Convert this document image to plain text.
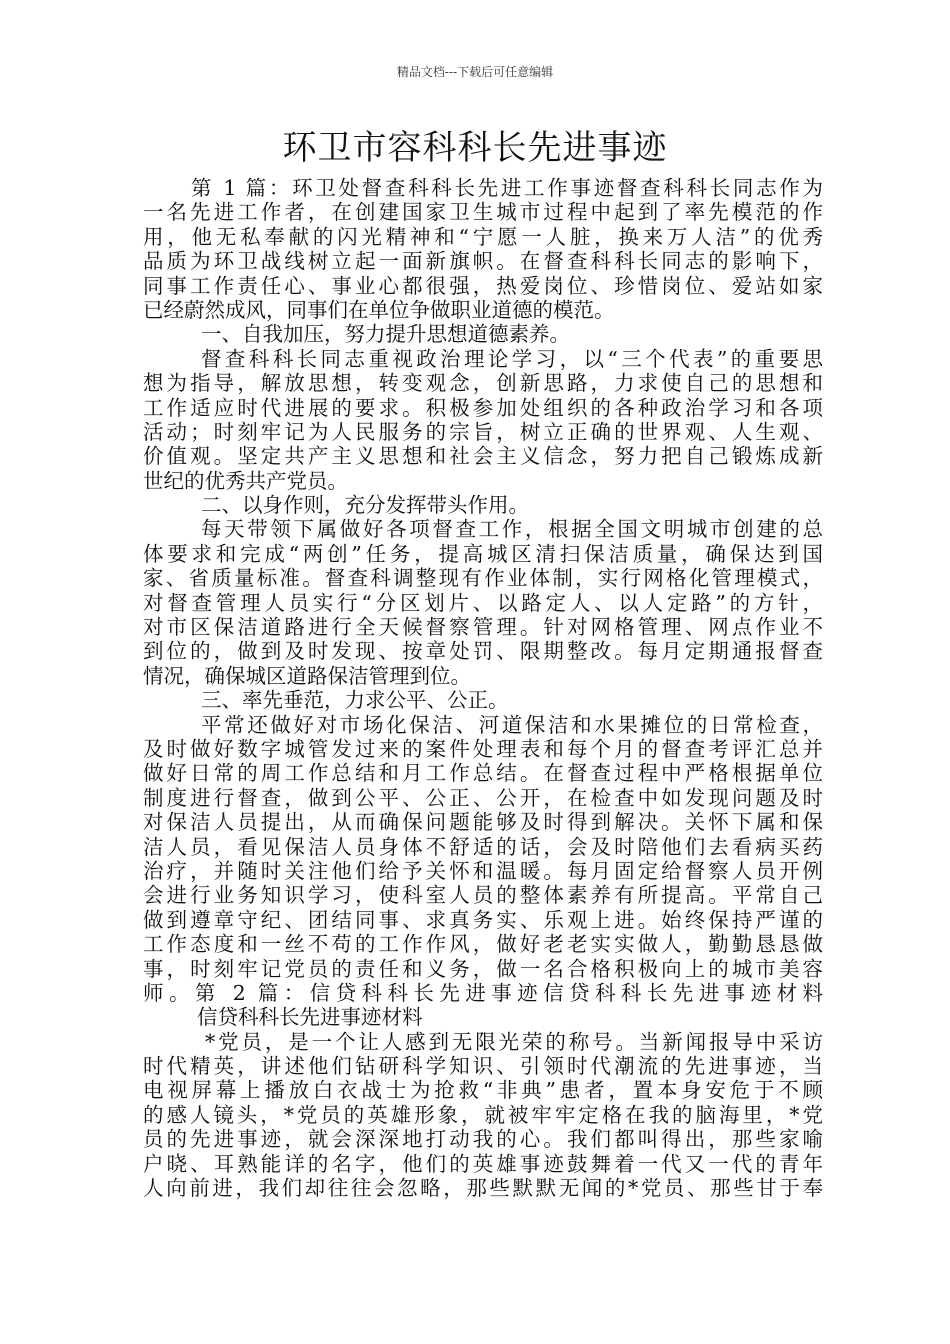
精品文档---下载后可任意编辑
环卫市容科科长先进事迹
第 1 篇：环卫处督查科科长先进工作事迹督查科科长同志作为
一名先进工作者，在创建国家卫生城市过程中起到了率先模范的作
用，他无私奉献的闪光精神和“宁愿一人脏，换来万人洁”的优秀
品质为环卫战线树立起一面新旗帜。在督查科科长同志的影响下，
同事工作责任心、事业心都很强，热爱岗位、珍惜岗位、爱站如家
已经蔚然成风，同事们在单位争做职业道德的模范。
一、自我加压，努力提升思想道德素养。
督查科科长同志重视政治理论学习，以“三个代表”的重要思
想为指导，解放思想，转变观念，创新思路，力求使自己的思想和
工作适应时代进展的要求。积极参加处组织的各种政治学习和各项
活动；时刻牢记为人民服务的宗旨，树立正确的世界观、人生观、
价值观。坚定共产主义思想和社会主义信念，努力把自己锻炼成新
世纪的优秀共产党员。
二、以身作则，充分发挥带头作用。
每天带领下属做好各项督查工作，根据全国文明城市创建的总
体要求和完成“两创”任务，提高城区清扫保洁质量，确保达到国
家、省质量标准。督查科调整现有作业体制，实行网格化管理模式，
对督查管理人员实行“分区划片、以路定人、以人定路”的方针，
对市区保洁道路进行全天候督察管理。针对网格管理、网点作业不
到位的，做到及时发现、按章处罚、限期整改。每月定期通报督查
情况，确保城区道路保洁管理到位。
三、率先垂范，力求公平、公正。
平常还做好对市场化保洁、河道保洁和水果摊位的日常检查，
及时做好数字城管发过来的案件处理表和每个月的督查考评汇总并
做好日常的周工作总结和月工作总结。在督查过程中严格根据单位
制度进行督查，做到公平、公正、公开，在检查中如发现问题及时
对保洁人员提出，从而确保问题能够及时得到解决。关怀下属和保
洁人员，看见保洁人员身体不舒适的话，会及时陪他们去看病买药
治疗，并随时关注他们给予关怀和温暖。每月固定给督察人员开例
会进行业务知识学习，使科室人员的整体素养有所提高。平常自己
做到遵章守纪、团结同事、求真务实、乐观上进。始终保持严谨的
工作态度和一丝不苟的工作作风，做好老老实实做人，勤勤恳恳做
事，时刻牢记党员的责任和义务，做一名合格积极向上的城市美容
师。第 2 篇：信贷科科长先进事迹信贷科科长先进事迹材料
信贷科科长先进事迹材料
*党员，是一个让人感到无限光荣的称号。当新闻报导中采访
时代精英，讲述他们钻研科学知识、引领时代潮流的先进事迹，当
电视屏幕上播放白衣战士为抢救“非典”患者，置本身安危于不顾
的感人镜头，*党员的英雄形象，就被牢牢定格在我的脑海里，*党
员的先进事迹，就会深深地打动我的心。我们都叫得出，那些家喻
户晓、耳熟能详的名字，他们的英雄事迹鼓舞着一代又一代的青年
人向前进，我们却往往会忽略，那些默默无闻的*党员、那些甘于奉
